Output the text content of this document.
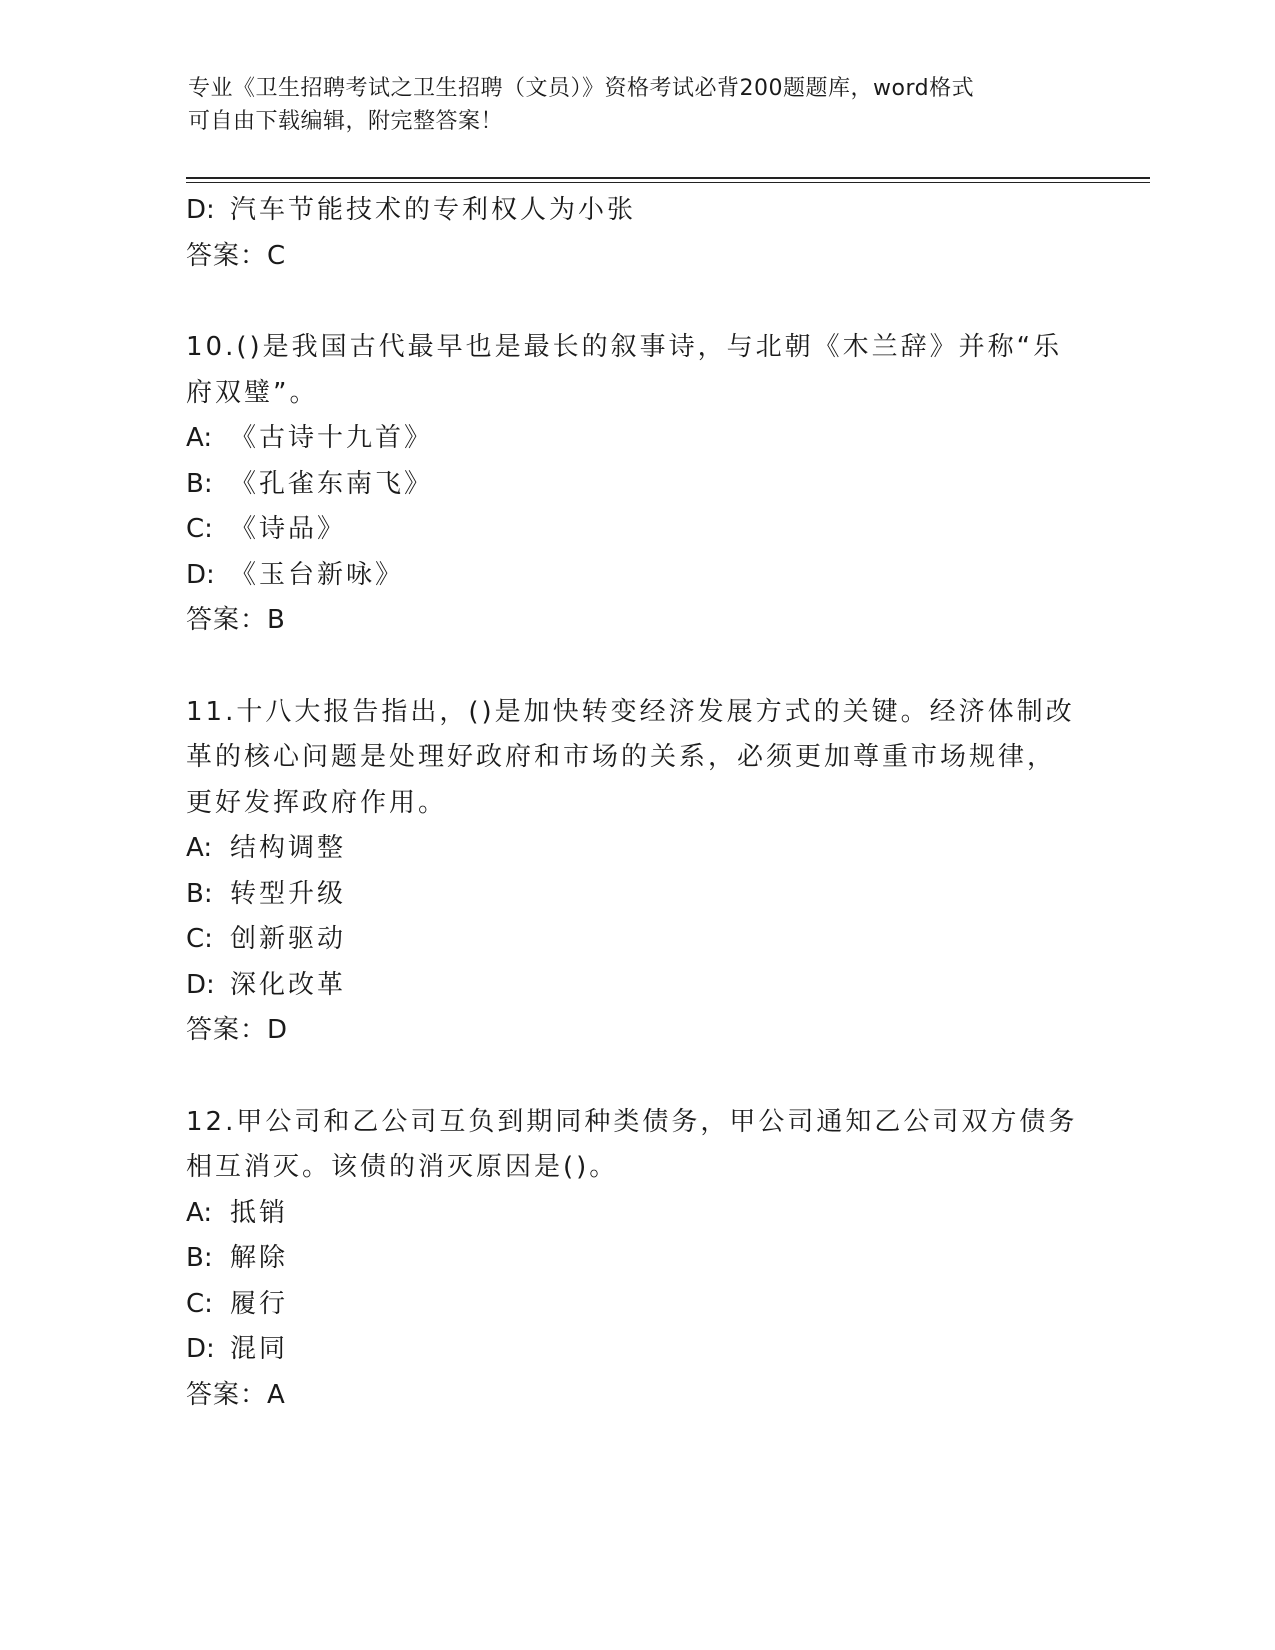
专业《卫生招聘考试之卫生招聘（文员）》资格考试必背200题题库，word格式
可自由下载编辑，附完整答案！
D: 汽车节能技术的专利权人为小张

答案：C

10.()是我国古代最早也是最长的叙事诗，与北朝《木兰辞》并称“乐

府双璧”。

A: 《古诗十九首》
B: 《孔雀东南飞》
C: 《诗品》
D: 《玉台新咏》

答案：B

11.十八大报告指出，()是加快转变经济发展方式的关键。经济体制改

革的核心问题是处理好政府和市场的关系，必须更加尊重市场规律，

更好发挥政府作用。

A: 结构调整
B: 转型升级
C: 创新驱动
D: 深化改革

答案：D

12.甲公司和乙公司互负到期同种类债务，甲公司通知乙公司双方债务

相互消灭。该债的消灭原因是()。

A: 抵销
B: 解除
C: 履行
D: 混同

答案：A
